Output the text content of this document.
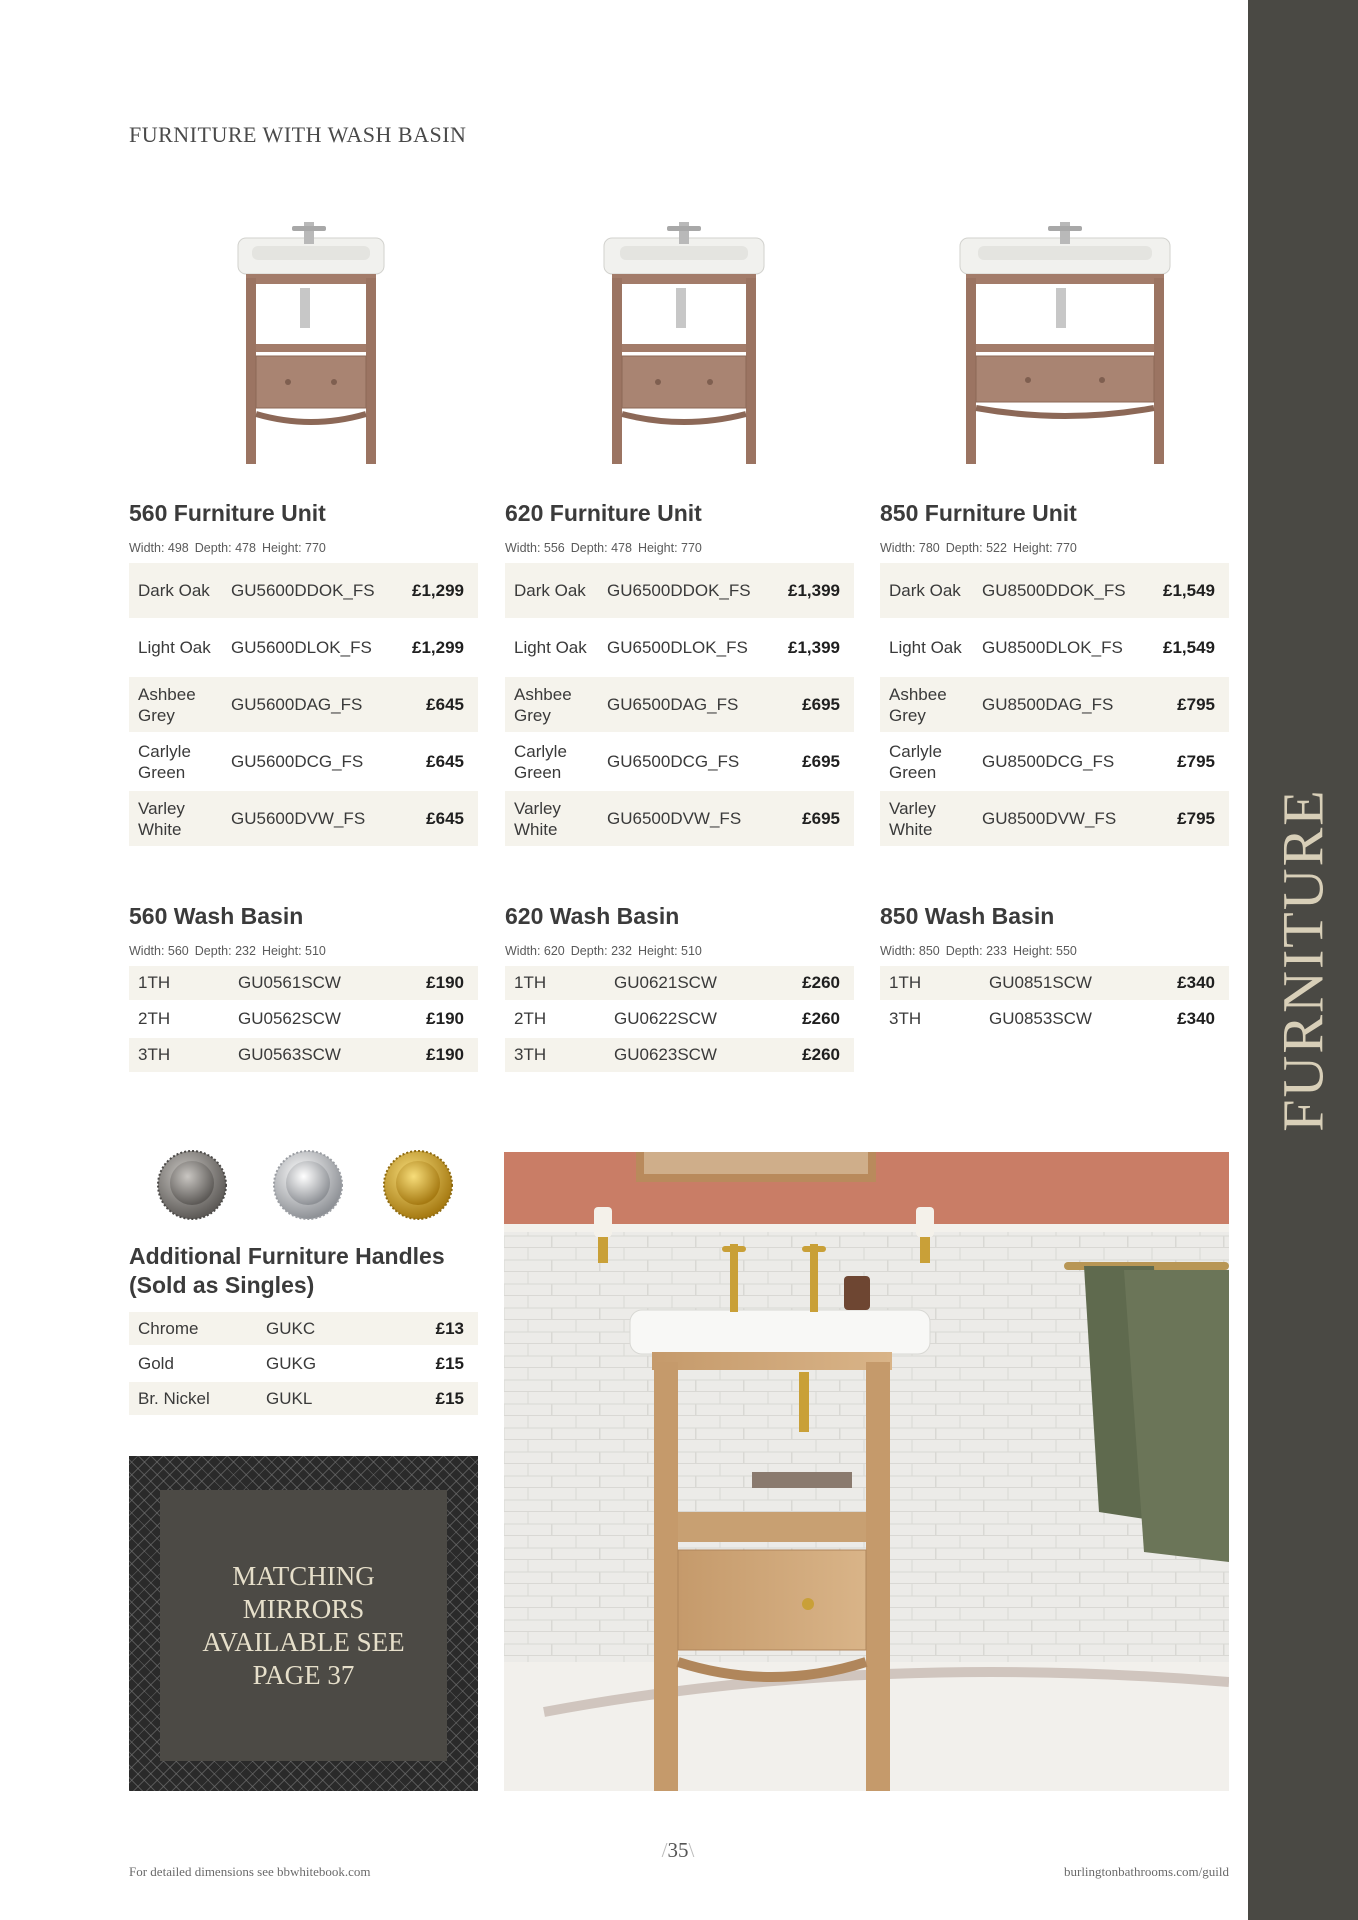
FURNITURE
FURNITURE WITH WASH BASIN
560 Furniture Unit
Width: 498 Depth: 478 Height: 770
Dark Oak	GU5600DDOK_FS	£1,299
Light Oak	GU5600DLOK_FS	£1,299
Ashbee Grey	GU5600DAG_FS	£645
Carlyle Green	GU5600DCG_FS	£645
Varley White	GU5600DVW_FS	£645
620 Furniture Unit
Width: 556 Depth: 478 Height: 770
Dark Oak	GU6500DDOK_FS	£1,399
Light Oak	GU6500DLOK_FS	£1,399
Ashbee Grey	GU6500DAG_FS	£695
Carlyle Green	GU6500DCG_FS	£695
Varley White	GU6500DVW_FS	£695
850 Furniture Unit
Width: 780 Depth: 522 Height: 770
Dark Oak	GU8500DDOK_FS	£1,549
Light Oak	GU8500DLOK_FS	£1,549
Ashbee Grey	GU8500DAG_FS	£795
Carlyle Green	GU8500DCG_FS	£795
Varley White	GU8500DVW_FS	£795
560 Wash Basin
Width: 560 Depth: 232 Height: 510
1TH	GU0561SCW	£190
2TH	GU0562SCW	£190
3TH	GU0563SCW	£190
620 Wash Basin
Width: 620 Depth: 232 Height: 510
1TH	GU0621SCW	£260
2TH	GU0622SCW	£260
3TH	GU0623SCW	£260
850 Wash Basin
Width: 850 Depth: 233 Height: 550
1TH	GU0851SCW	£340
3TH	GU0853SCW	£340
Additional Furniture Handles
(Sold as Singles)
Chrome	GUKC	£13
Gold	GUKG	£15
Br. Nickel	GUKL	£15
MATCHING MIRRORS AVAILABLE SEE PAGE 37
For detailed dimensions see bbwhitebook.com
/35\
burlingtonbathrooms.com/guild
